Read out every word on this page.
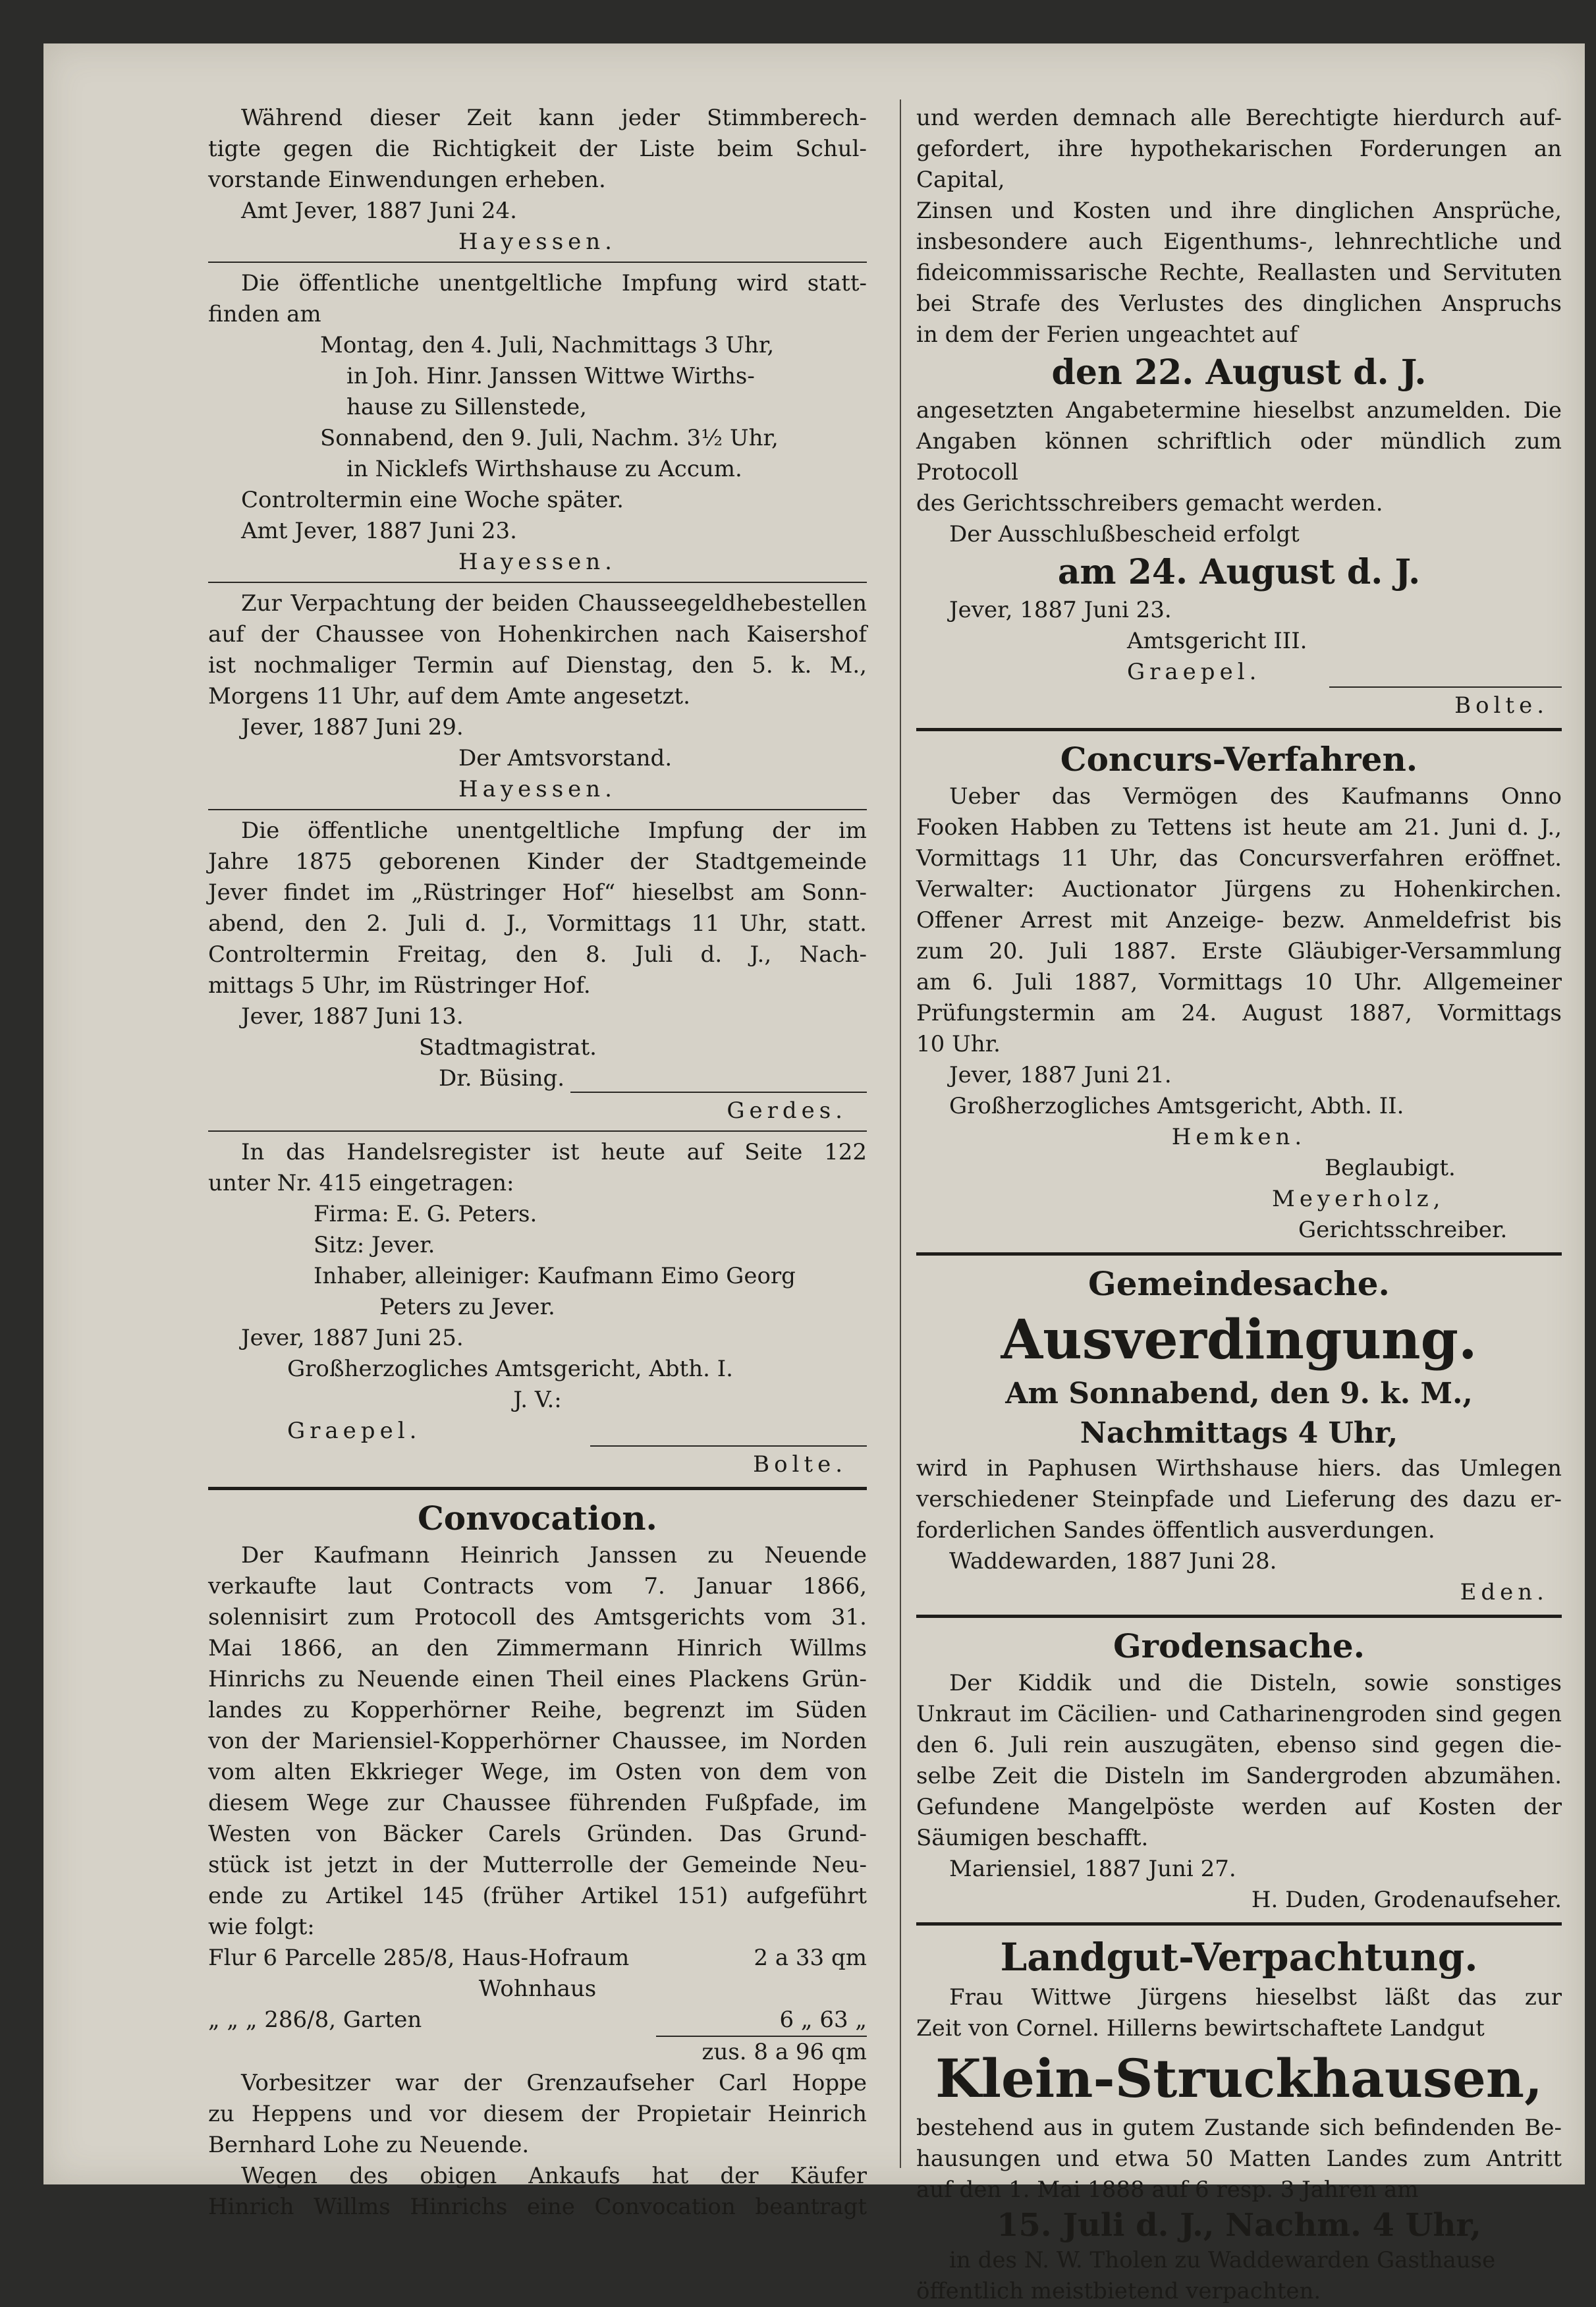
Während dieser Zeit kann jeder Stimmberech-

tigte gegen die Richtigkeit der Liste beim Schul-

vorstande Einwendungen erheben.

Amt Jever, 1887 Juni 24.

Hayessen.

Die öffentliche unentgeltliche Impfung wird statt-

finden am

Montag, den 4. Juli, Nachmittags 3 Uhr,

in Joh. Hinr. Janssen Wittwe Wirths-

hause zu Sillenstede,

Sonnabend, den 9. Juli, Nachm. 3½ Uhr,

in Nicklefs Wirthshause zu Accum.

Controltermin eine Woche später.

Amt Jever, 1887 Juni 23.

Hayessen.

Zur Verpachtung der beiden Chausseegeldhebestellen

auf der Chaussee von Hohenkirchen nach Kaisershof

ist nochmaliger Termin auf Dienstag, den 5. k. M.,

Morgens 11 Uhr, auf dem Amte angesetzt.

Jever, 1887 Juni 29.

Der Amtsvorstand.

Hayessen.

Die öffentliche unentgeltliche Impfung der im

Jahre 1875 geborenen Kinder der Stadtgemeinde

Jever findet im „Rüstringer Hof“ hieselbst am Sonn-

abend, den 2. Juli d. J., Vormittags 11 Uhr, statt.

Controltermin Freitag, den 8. Juli d. J., Nach-

mittags 5 Uhr, im Rüstringer Hof.

Jever, 1887 Juni 13.

Stadtmagistrat.

Dr. Büsing.

Gerdes.

In das Handelsregister ist heute auf Seite 122

unter Nr. 415 eingetragen:

Firma: E. G. Peters.

Sitz: Jever.

Inhaber, alleiniger: Kaufmann Eimo Georg

Peters zu Jever.

Jever, 1887 Juni 25.

Großherzogliches Amtsgericht, Abth. I.

J. V.:

Graepel.

Bolte.

Convocation.

Der Kaufmann Heinrich Janssen zu Neuende

verkaufte laut Contracts vom 7. Januar 1866,

solennisirt zum Protocoll des Amtsgerichts vom 31.

Mai 1866, an den Zimmermann Hinrich Willms

Hinrichs zu Neuende einen Theil eines Plackens Grün-

landes zu Kopperhörner Reihe, begrenzt im Süden

von der Mariensiel-Kopperhörner Chaussee, im Norden

vom alten Ekkrieger Wege, im Osten von dem von

diesem Wege zur Chaussee führenden Fußpfade, im

Westen von Bäcker Carels Gründen. Das Grund-

stück ist jetzt in der Mutterrolle der Gemeinde Neu-

ende zu Artikel 145 (früher Artikel 151) aufgeführt

wie folgt:

Flur 6 Parcelle 285/8, Haus-Hofraum	2 a 33 qm

Wohnhaus

„ „ „ 286/8, Garten	6 „ 63 „

zus. 8 a 96 qm

Vorbesitzer war der Grenzaufseher Carl Hoppe

zu Heppens und vor diesem der Propietair Heinrich

Bernhard Lohe zu Neuende.

Wegen des obigen Ankaufs hat der Käufer

Hinrich Willms Hinrichs eine Convocation beantragt

und werden demnach alle Berechtigte hierdurch auf-

gefordert, ihre hypothekarischen Forderungen an Capital,

Zinsen und Kosten und ihre dinglichen Ansprüche,

insbesondere auch Eigenthums-, lehnrechtliche und

fideicommissarische Rechte, Reallasten und Servituten

bei Strafe des Verlustes des dinglichen Anspruchs

in dem der Ferien ungeachtet auf

den 22. August d. J.

angesetzten Angabetermine hieselbst anzumelden. Die

Angaben können schriftlich oder mündlich zum Protocoll

des Gerichtsschreibers gemacht werden.

Der Ausschlußbescheid erfolgt

am 24. August d. J.

Jever, 1887 Juni 23.

Amtsgericht III.

Graepel.

Bolte.

Concurs-Verfahren.

Ueber das Vermögen des Kaufmanns Onno

Fooken Habben zu Tettens ist heute am 21. Juni d. J.,

Vormittags 11 Uhr, das Concursverfahren eröffnet.

Verwalter: Auctionator Jürgens zu Hohenkirchen.

Offener Arrest mit Anzeige- bezw. Anmeldefrist bis

zum 20. Juli 1887. Erste Gläubiger-Versammlung

am 6. Juli 1887, Vormittags 10 Uhr. Allgemeiner

Prüfungstermin am 24. August 1887, Vormittags

10 Uhr.

Jever, 1887 Juni 21.

Großherzogliches Amtsgericht, Abth. II.

Hemken.

Beglaubigt.

Meyerholz,

Gerichtsschreiber.

Gemeindesache.

Ausverdingung.

Am Sonnabend, den 9. k. M.,

Nachmittags 4 Uhr,

wird in Paphusen Wirthshause hiers. das Umlegen

verschiedener Steinpfade und Lieferung des dazu er-

forderlichen Sandes öffentlich ausverdungen.

Waddewarden, 1887 Juni 28.

Eden.

Grodensache.

Der Kiddik und die Disteln, sowie sonstiges

Unkraut im Cäcilien- und Catharinengroden sind gegen

den 6. Juli rein auszugäten, ebenso sind gegen die-

selbe Zeit die Disteln im Sandergroden abzumähen.

Gefundene Mangelpöste werden auf Kosten der

Säumigen beschafft.

Mariensiel, 1887 Juni 27.

H. Duden, Grodenaufseher.

Landgut-Verpachtung.

Frau Wittwe Jürgens hieselbst läßt das zur

Zeit von Cornel. Hillerns bewirtschaftete Landgut

Klein-Struckhausen,

bestehend aus in gutem Zustande sich befindenden Be-

hausungen und etwa 50 Matten Landes zum Antritt

auf den 1. Mai 1888 auf 6 resp. 3 Jahren am

15. Juli d. J., Nachm. 4 Uhr,

in des N. W. Tholen zu Waddewarden Gasthause

öffentlich meistbietend verpachten.
